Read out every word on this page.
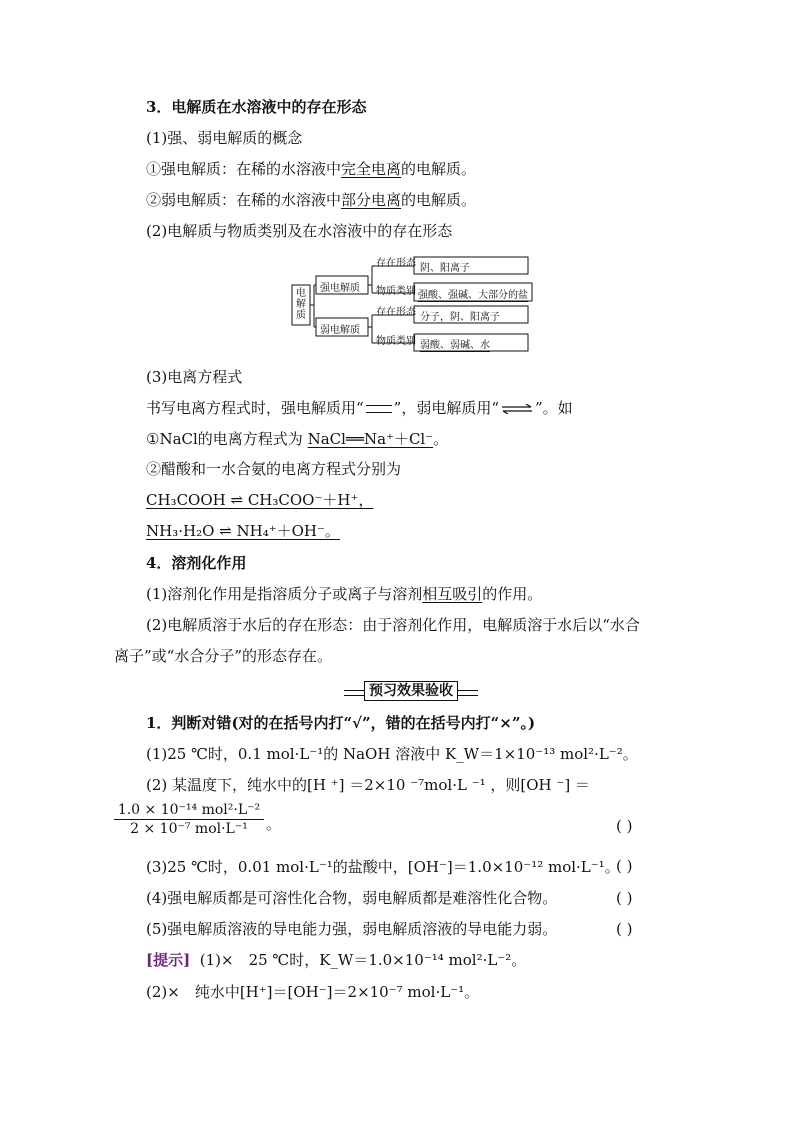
3．电解质在水溶液中的存在形态
(1)强、弱电解质的概念
①强电解质：在稀的水溶液中完全电离的电解质。
②弱电解质：在稀的水溶液中部分电离的电解质。
(2)电解质与物质类别及在水溶液中的存在形态
电解质
强电解质
弱电解质
存在形态
物质类别
存在形态
物质类别
阴、阳离子
强酸、强碱、大部分的盐
分子，阴、阳离子
弱酸、弱碱、水
(3)电离方程式
书写电离方程式时，强电解质用“ ”，弱电解质用“ ⇌ ”。如
①NaCl的电离方程式为 NaCl══Na⁺＋Cl⁻。
②醋酸和一水合氨的电离方程式分别为
CH₃COOH ⇌ CH₃COO⁻＋H⁺，
NH₃·H₂O ⇌ NH₄⁺＋OH⁻。
4．溶剂化作用
(1)溶剂化作用是指溶质分子或离子与溶剂相互吸引的作用。
(2)电解质溶于水后的存在形态：由于溶剂化作用，电解质溶于水后以“水合
离子”或“水合分子”的形态存在。
预习效果验收
1．判断对错(对的在括号内打“√”，错的在括号内打“×”。)
(1)25 ℃时，0.1 mol·L⁻¹的 NaOH 溶液中 K_W＝1×10⁻¹³ mol²·L⁻²。
(2) 某温度下，纯水中的[H ⁺] ＝2×10 ⁻⁷mol·L ⁻¹ ，则[OH ⁻] ＝
1.0 × 10⁻¹⁴ mol²·L⁻²
2 × 10⁻⁷ mol·L⁻¹	。	( )
(3)25 ℃时，0.01 mol·L⁻¹的盐酸中，[OH⁻]＝1.0×10⁻¹² mol·L⁻¹。
( )
(4)强电解质都是可溶性化合物，弱电解质都是难溶性化合物。	( )
(5)强电解质溶液的导电能力强，弱电解质溶液的导电能力弱。	( )
[提示] (1)×　25 ℃时，K_W＝1.0×10⁻¹⁴ mol²·L⁻²。
(2)×　纯水中[H⁺]＝[OH⁻]＝2×10⁻⁷ mol·L⁻¹。
